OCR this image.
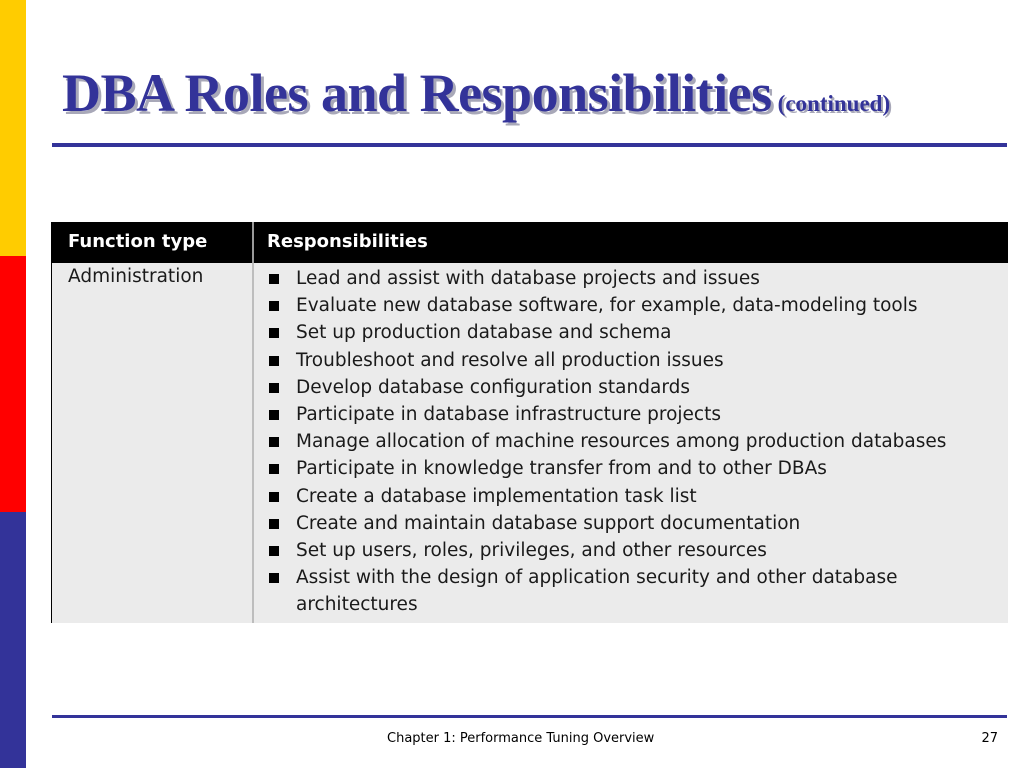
DBA Roles and Responsibilities (continued)
Function type	Responsibilities
Administration	Lead and assist with database projects and issues
Evaluate new database software, for example, data-modeling tools
Set up production database and schema
Troubleshoot and resolve all production issues
Develop database configuration standards
Participate in database infrastructure projects
Manage allocation of machine resources among production databases
Participate in knowledge transfer from and to other DBAs
Create a database implementation task list
Create and maintain database support documentation
Set up users, roles, privileges, and other resources
Assist with the design of application security and other database architectures
Chapter 1: Performance Tuning Overview	27
